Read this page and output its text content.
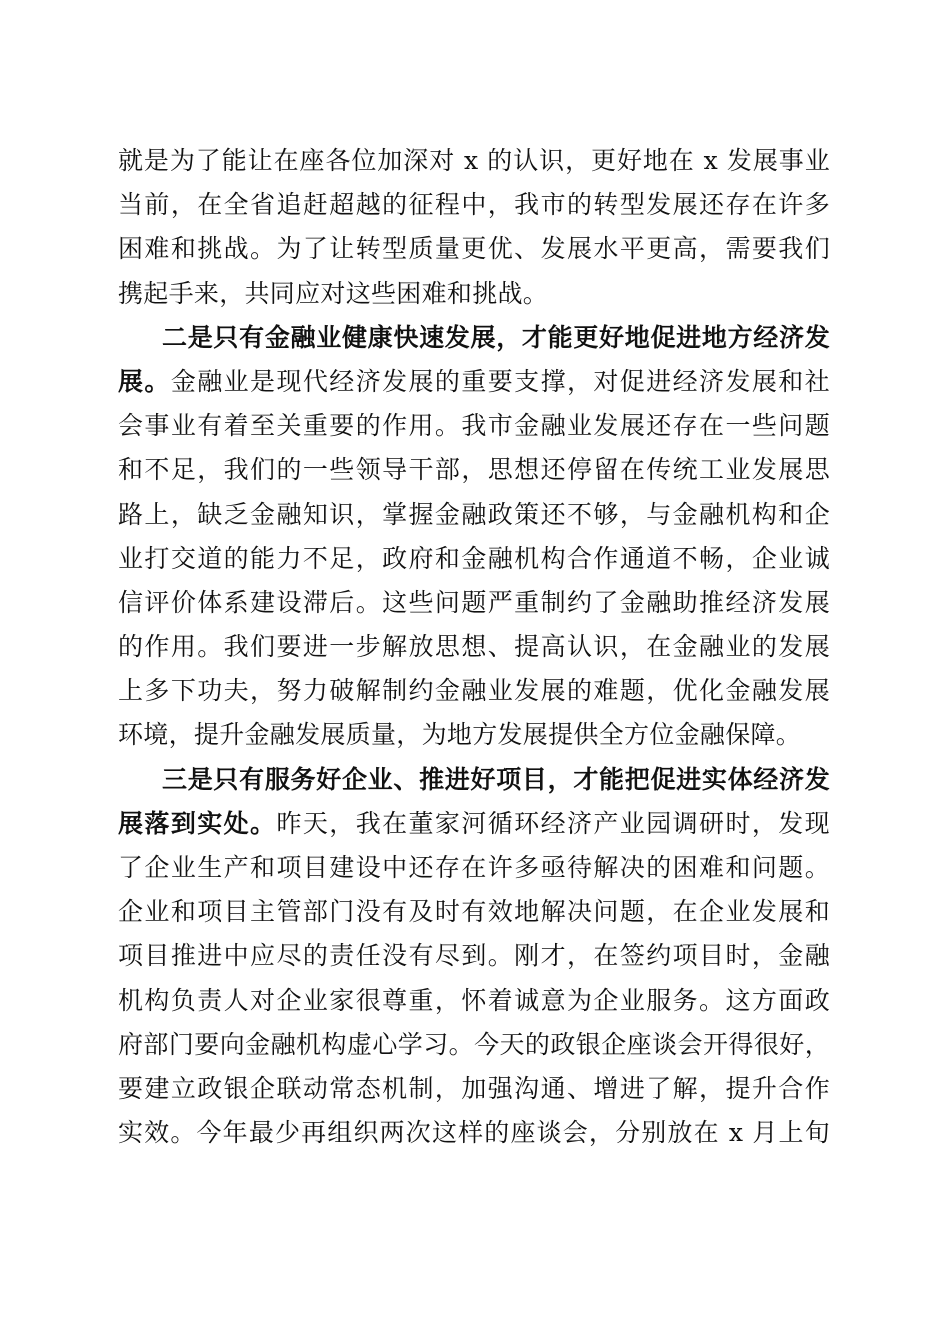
就是为了能让在座各位加深对 x 的认识，更好地在 x 发展事业
当前，在全省追赶超越的征程中，我市的转型发展还存在许多
困难和挑战。为了让转型质量更优、发展水平更高，需要我们
携起手来，共同应对这些困难和挑战。
二是只有金融业健康快速发展，才能更好地促进地方经济发
展。金融业是现代经济发展的重要支撑，对促进经济发展和社
会事业有着至关重要的作用。我市金融业发展还存在一些问题
和不足，我们的一些领导干部，思想还停留在传统工业发展思
路上，缺乏金融知识，掌握金融政策还不够，与金融机构和企
业打交道的能力不足，政府和金融机构合作通道不畅，企业诚
信评价体系建设滞后。这些问题严重制约了金融助推经济发展
的作用。我们要进一步解放思想、提高认识，在金融业的发展
上多下功夫，努力破解制约金融业发展的难题，优化金融发展
环境，提升金融发展质量，为地方发展提供全方位金融保障。
三是只有服务好企业、推进好项目，才能把促进实体经济发
展落到实处。昨天，我在董家河循环经济产业园调研时，发现
了企业生产和项目建设中还存在许多亟待解决的困难和问题。
企业和项目主管部门没有及时有效地解决问题，在企业发展和
项目推进中应尽的责任没有尽到。刚才，在签约项目时，金融
机构负责人对企业家很尊重，怀着诚意为企业服务。这方面政
府部门要向金融机构虚心学习。今天的政银企座谈会开得很好，
要建立政银企联动常态机制，加强沟通、增进了解，提升合作
实效。今年最少再组织两次这样的座谈会，分别放在 x 月上旬
